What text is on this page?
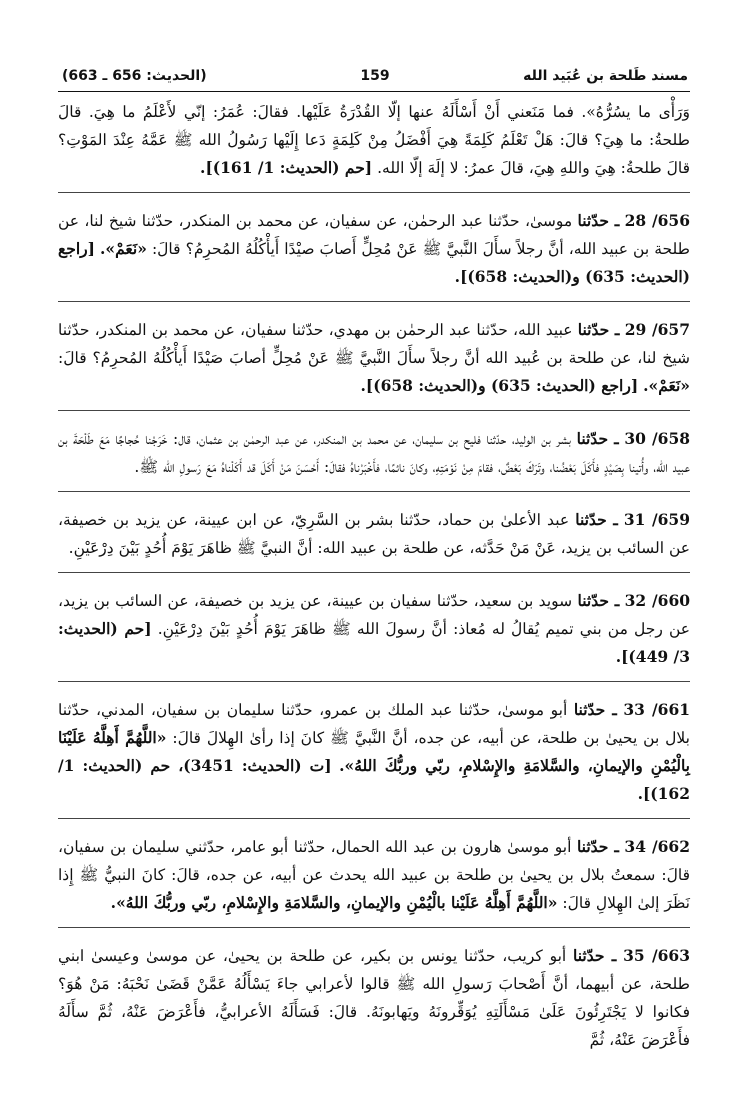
مسند طَلحة بن عُبَيد الله
159
(الحديث: 656 ـ 663)

وَرَأْى ما يسُرُّهُ». فما مَنَعني أَنْ أَسْأَلَهُ عنها إلّا القُدْرَةُ عَلَيْها. فقالَ: عُمَرُ: إنّي لأَعْلَمُ ما هِيَ. قالَ طلحةُ: ما هِيَ؟ قالَ: هَلْ تَعْلَمُ كَلِمَةً هِيَ أَفْضَلُ مِنْ كَلِمَةٍ دَعا إِلَيْها رَسُولُ الله ﷺ عَمَّهُ عِنْدَ المَوْتِ؟ قالَ طلحةُ: هِيَ واللهِ هِيَ، قالَ عمرُ: لا إلَهَ إلّا الله. [حم (الحديث: 1/ 161)].

656/ 28 ـ حدّثنا موسىٰ، حدّثنا عبد الرحمٰن، عن سفيان، عن محمد بن المنكدر، حدّثنا شيخ لنا، عن طلحة بن عبيد الله، أنَّ رجلاً سأَلَ النَّبيَّ ﷺ عَنْ مُحِلٍّ أَصابَ صيْدًا أَيأْكُلُهُ المُحرِمُ؟ قالَ: «نَعَمْ». [راجع (الحديث: 635) و(الحديث: 658)].

657/ 29 ـ حدّثنا عبيد الله، حدّثنا عبد الرحمٰن بن مهدي، حدّثنا سفيان، عن محمد بن المنكدر، حدّثنا شيخ لنا، عن طلحة بن عُبيد الله أنَّ رجلاً سأَلَ النَّبيَّ ﷺ عَنْ مُحِلٍّ أصابَ صَيْدًا أَيأْكُلُهُ المُحرِمُ؟ قالَ: «نَعَمْ». [راجع (الحديث: 635) و(الحديث: 658)].

658/ 30 ـ حدّثنا بشر بن الوليد، حدّثنا فليح بن سليمان، عن محمد بن المنكدر، عن عبد الرحمٰن بن عثمان، قال: خَرَجْنا حُجاجًا مَعَ طَلْحَةَ بن عبيد الله، وأُتينا بِصَيْدٍ فأَكَلَ بَعْضُنا، وتَرَكَ بَعْضٌ، فقامَ مِنْ نَوْمَتِهِ، وكانَ نائمًا، فأَخْبَرْناهُ فقالَ: أَحْسَنَ مَنْ أَكَلَ قد أَكَلْناهُ مَعَ رَسولِ الله ﷺ.

659/ 31 ـ حدّثنا عبد الأعلىٰ بن حماد، حدّثنا بشر بن السَّرِيّ، عن ابن عيينة، عن يزيد بن خصيفة، عن السائب بن يزيد، عَنْ مَنْ حَدَّثه، عن طلحة بن عبيد الله: أنَّ النبيَّ ﷺ ظاهَرَ يَوْمَ أُحُدٍ بَيْنَ دِرْعَيْنِ.

660/ 32 ـ حدّثنا سويد بن سعيد، حدّثنا سفيان بن عيينة، عن يزيد بن خصيفة، عن السائب بن يزيد، عن رجل من بني تميم يُقالُ له مُعاذ: أنَّ رسولَ الله ﷺ ظاهَرَ يَوْمَ أُحُدٍ بَيْنَ دِرْعَيْنِ. [حم (الحديث: 3/ 449)].

661/ 33 ـ حدّثنا أبو موسىٰ، حدّثنا عبد الملك بن عمرو، حدّثنا سليمان بن سفيان، المدني، حدّثنا بلال بن يحيىٰ بن طلحة، عن أبيه، عن جده، أنَّ النَّبيَّ ﷺ كانَ إذا رأىٰ الهِلالَ قالَ: «اللَّهُمَّ أَهِلَّهُ عَلَيْنَا بِالْيُمْنِ والإيمانِ، والسَّلامَةِ والإِسْلامِ، ربّي وربُّكَ اللهُ». [ت (الحديث: 3451)، حم (الحديث: 1/ 162)].

662/ 34 ـ حدّثنا أبو موسىٰ هارون بن عبد الله الحمال، حدّثنا أبو عامر، حدّثني سليمان بن سفيان، قالَ: سمعتُ بلال بن يحيىٰ بن طلحة بن عبيد الله يحدث عن أبيه، عن جده، قالَ: كانَ النبيُّ ﷺ إِذا نَظَرَ إلىٰ الهِلالِ قالَ: «اللَّهُمَّ أَهِلَّهُ عَلَيْنا بالْيُمْنِ والإيمانِ، والسَّلامَةِ والإِسْلامِ، ربّي وربُّكَ اللهُ».

663/ 35 ـ حدّثنا أبو كريب، حدّثنا يونس بن بكير، عن طلحة بن يحيىٰ، عن موسىٰ وعيسىٰ ابني طلحة، عن أبيهما، أنَّ أَصْحابَ رَسولِ الله ﷺ قالوا لأعرابي جاءَ يَسْأَلُهُ عَمَّنْ قَضَىٰ نَحْبَهُ: مَنْ هُوَ؟ فكانوا لا يَجْتَرِئُونَ عَلَىٰ مَسْأَلَتِهِ يُوَقِّرونَهُ ويَهابونَهُ. قالَ: فَسَأَلَهُ الأعرابيُّ، فأَعْرَضَ عَنْهُ، ثُمَّ سأَلَهُ فأَعْرَضَ عَنْهُ، ثُمَّ
